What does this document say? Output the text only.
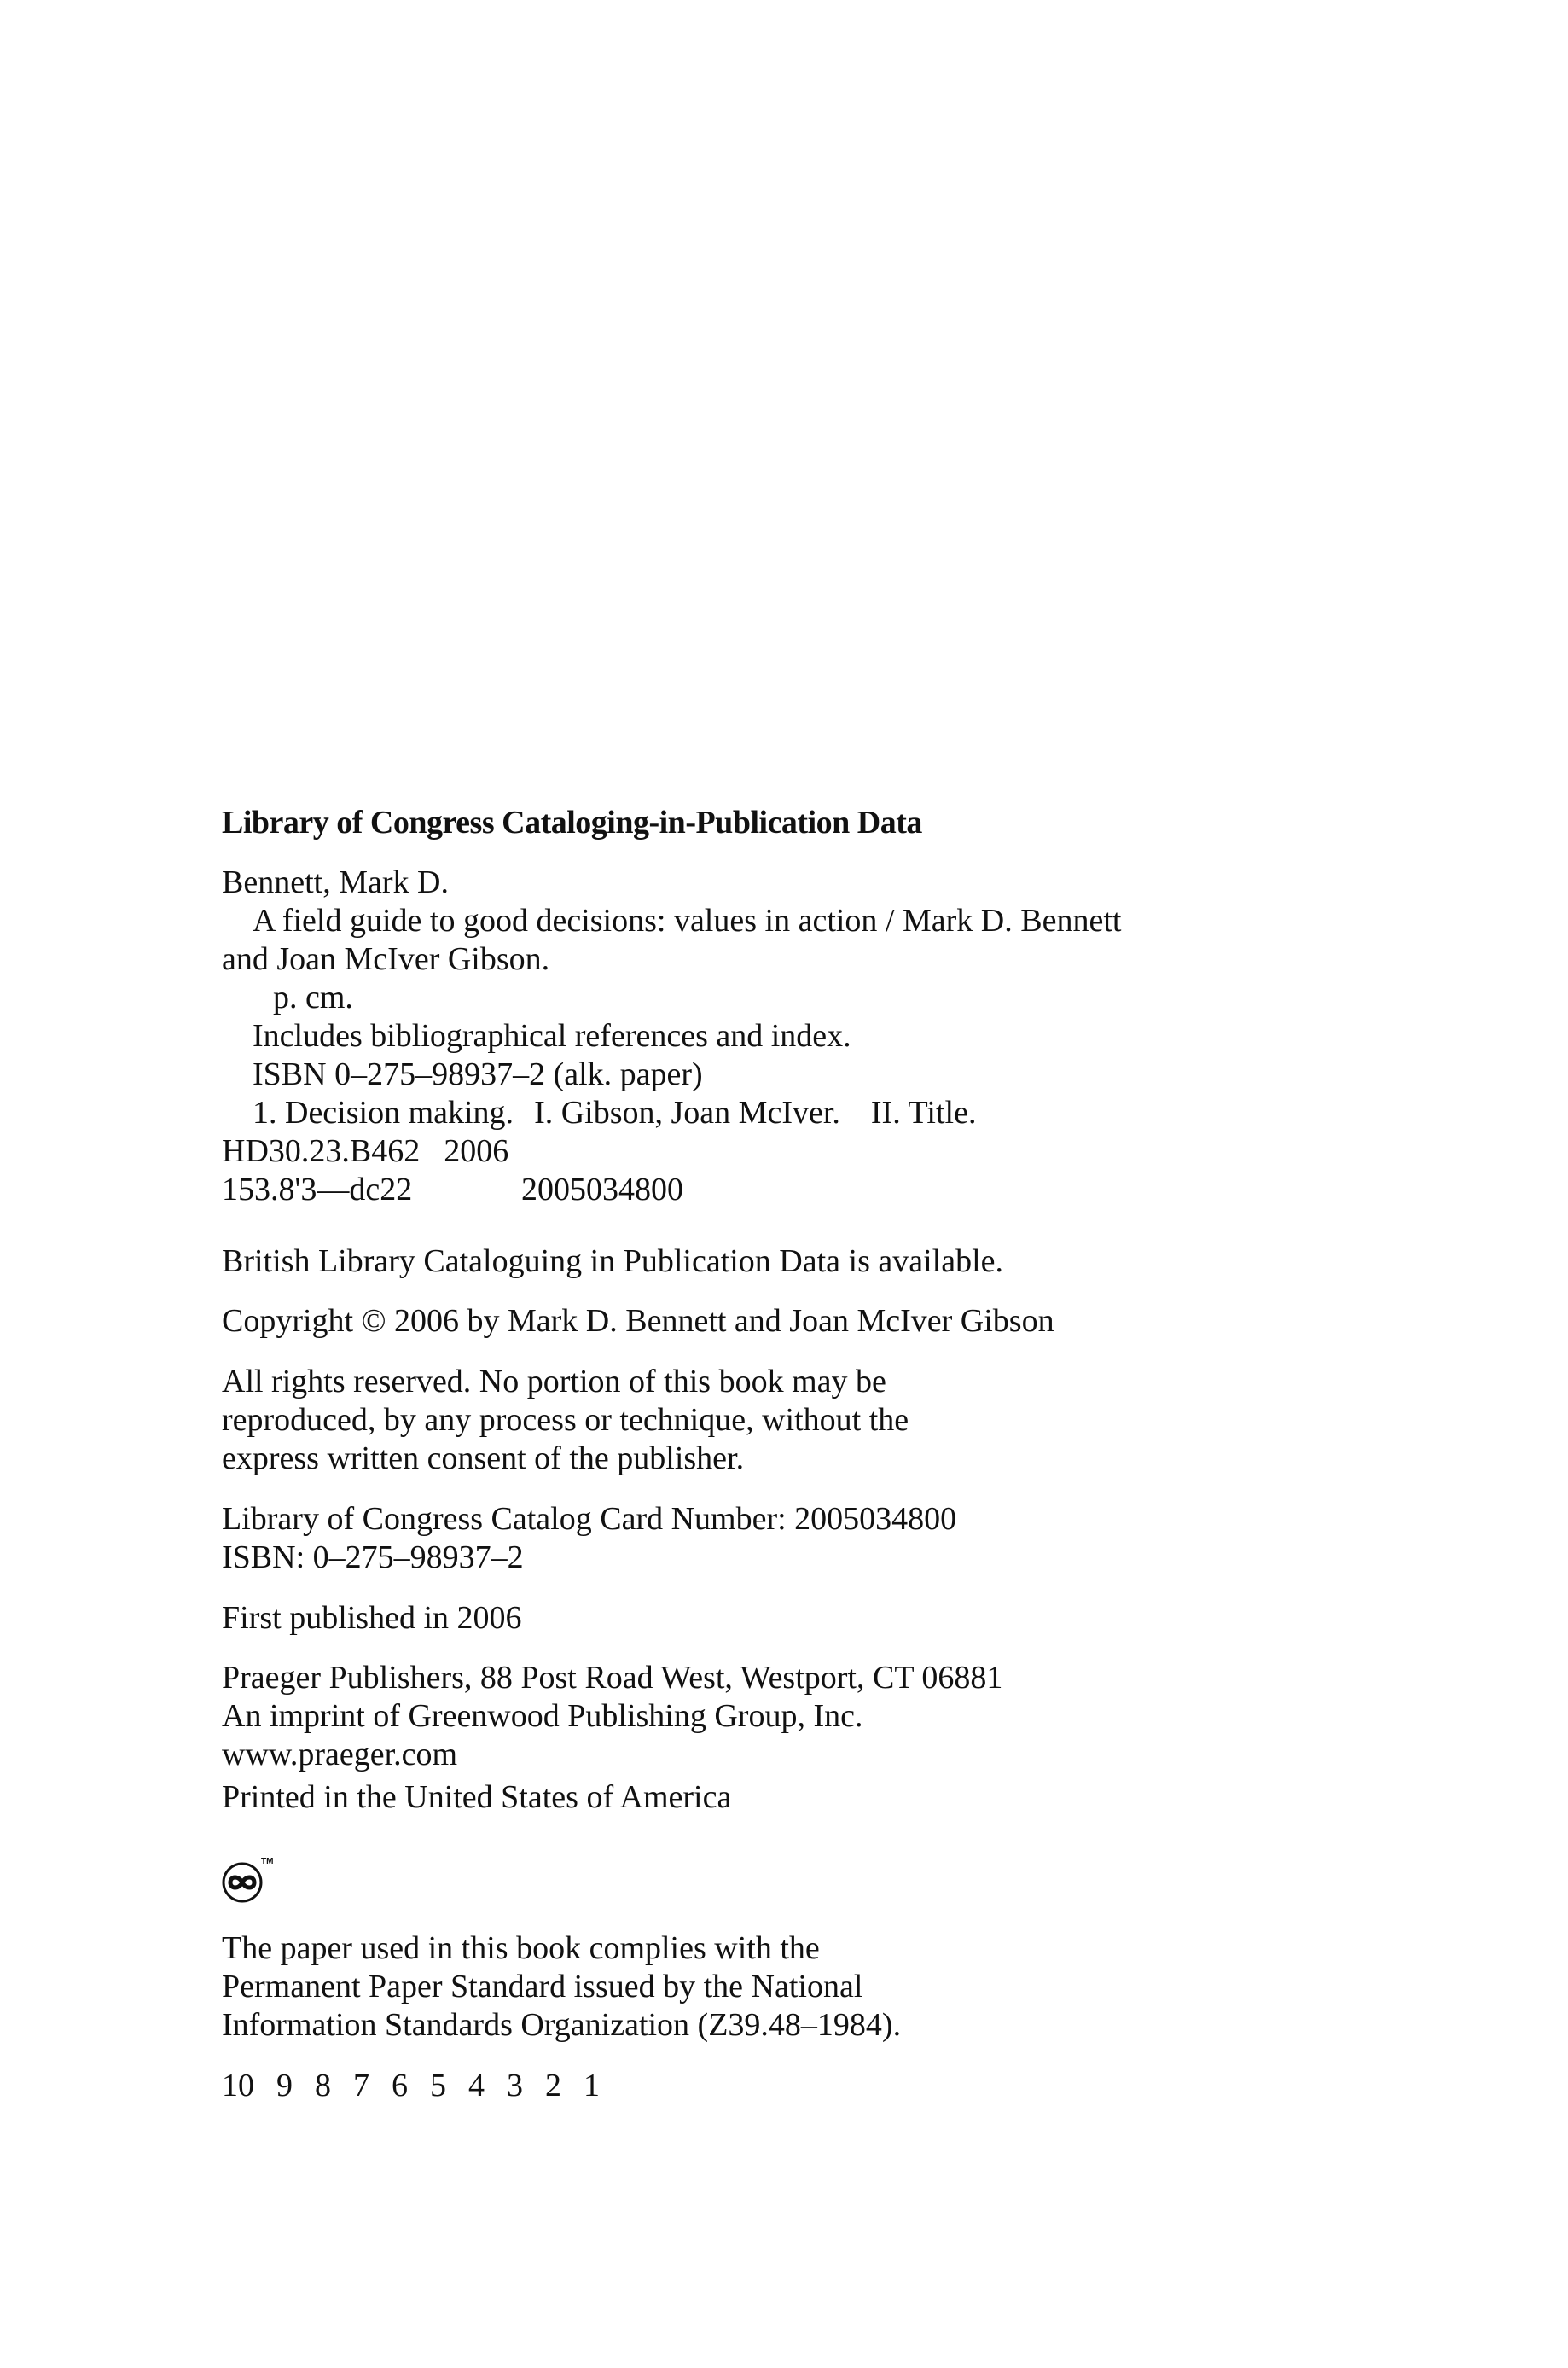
Library of Congress Cataloging-in-Publication Data
Bennett, Mark D.
A field guide to good decisions: values in action / Mark D. Bennett
and Joan McIver Gibson.
p. cm.
Includes bibliographical references and index.
ISBN 0–275–98937–2 (alk. paper)
1. Decision making. I. Gibson, Joan McIver. II. Title.
HD30.23.B462 2006
153.8'3—dc22	2005034800
British Library Cataloguing in Publication Data is available.
Copyright © 2006 by Mark D. Bennett and Joan McIver Gibson
All rights reserved. No portion of this book may be
reproduced, by any process or technique, without the
express written consent of the publisher.
Library of Congress Catalog Card Number: 2005034800
ISBN: 0–275–98937–2
First published in 2006
Praeger Publishers, 88 Post Road West, Westport, CT 06881
An imprint of Greenwood Publishing Group, Inc.
www.praeger.com
Printed in the United States of America
TM
The paper used in this book complies with the
Permanent Paper Standard issued by the National
Information Standards Organization (Z39.48–1984).
10 9 8 7 6 5 4 3 2 1
